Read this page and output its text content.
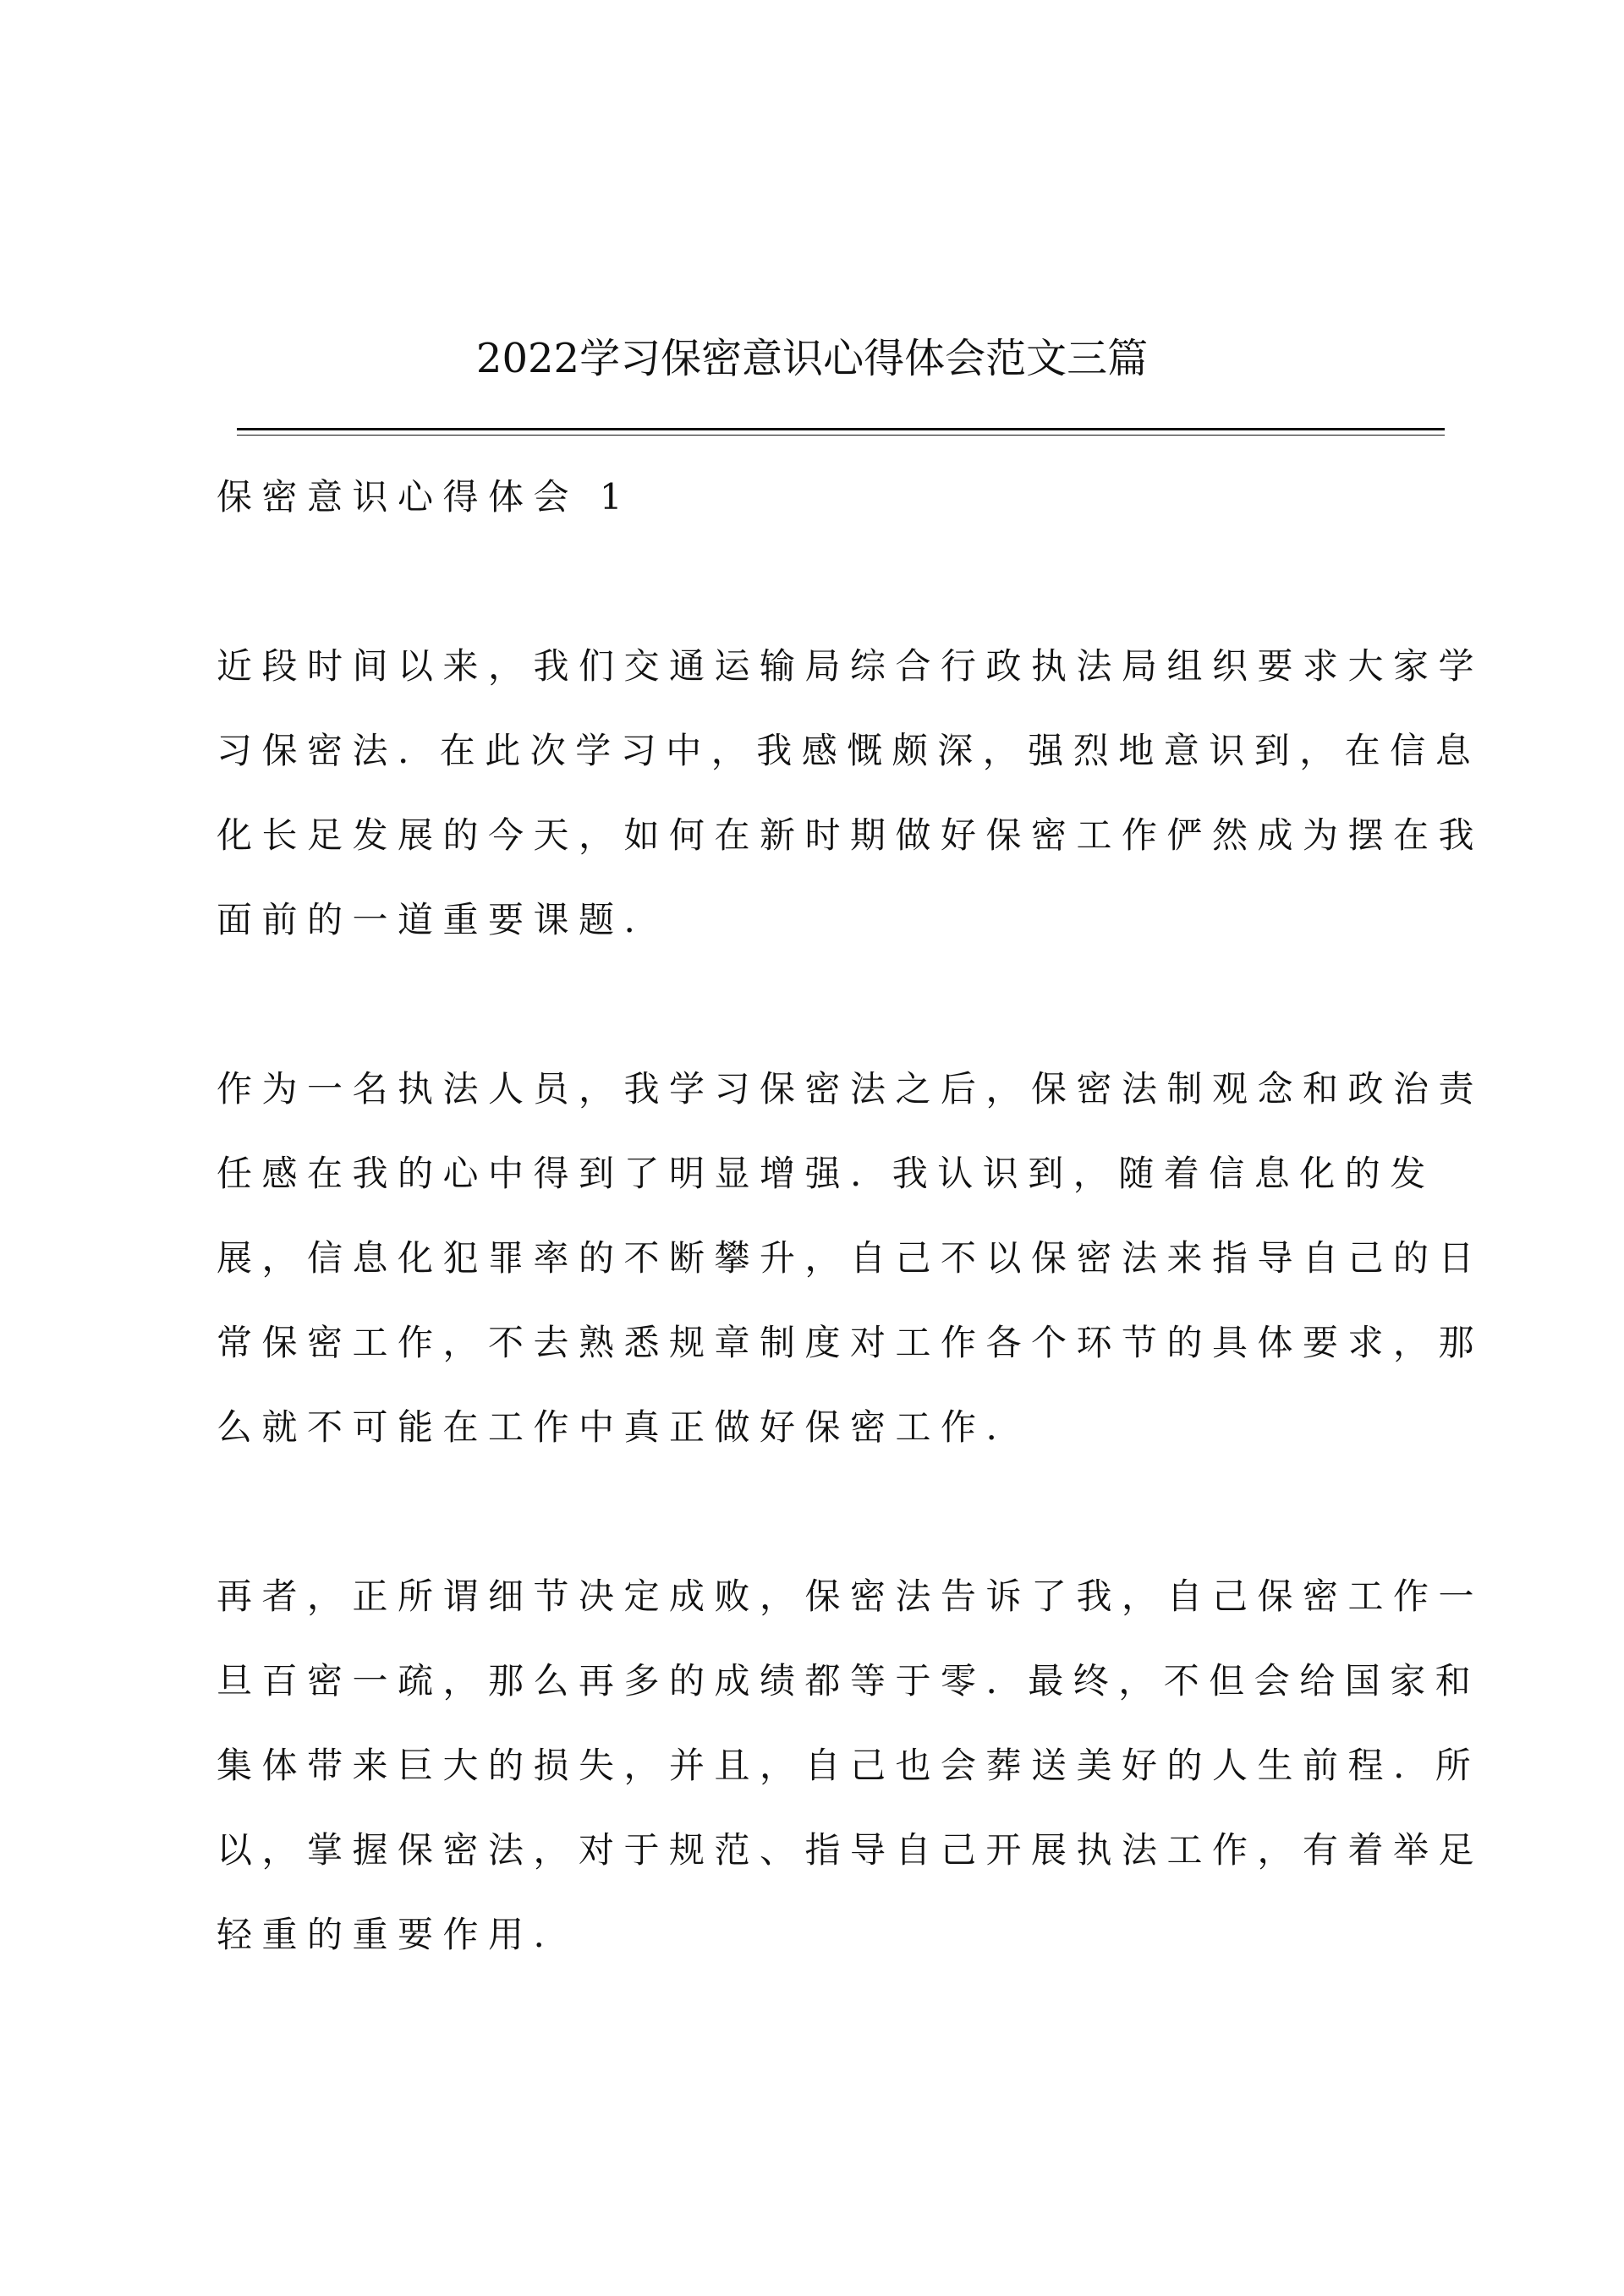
2022学习保密意识心得体会范文三篇
保密意识心得体会 1
近段时间以来，我们交通运输局综合行政执法局组织要求大家学
习保密法. 在此次学习中，我感慨颇深，强烈地意识到，在信息
化长足发展的今天，如何在新时期做好保密工作俨然成为摆在我
面前的一道重要课题.
作为一名执法人员，我学习保密法之后，保密法制观念和政治责
任感在我的心中得到了明显增强. 我认识到，随着信息化的发
展，信息化犯罪率的不断攀升，自己不以保密法来指导自己的日
常保密工作，不去熟悉规章制度对工作各个环节的具体要求，那
么就不可能在工作中真正做好保密工作.
再者，正所谓细节决定成败，保密法告诉了我，自己保密工作一
旦百密一疏，那么再多的成绩都等于零. 最终，不但会给国家和
集体带来巨大的损失，并且，自己也会葬送美好的人生前程. 所
以，掌握保密法，对于规范、指导自己开展执法工作，有着举足
轻重的重要作用.
